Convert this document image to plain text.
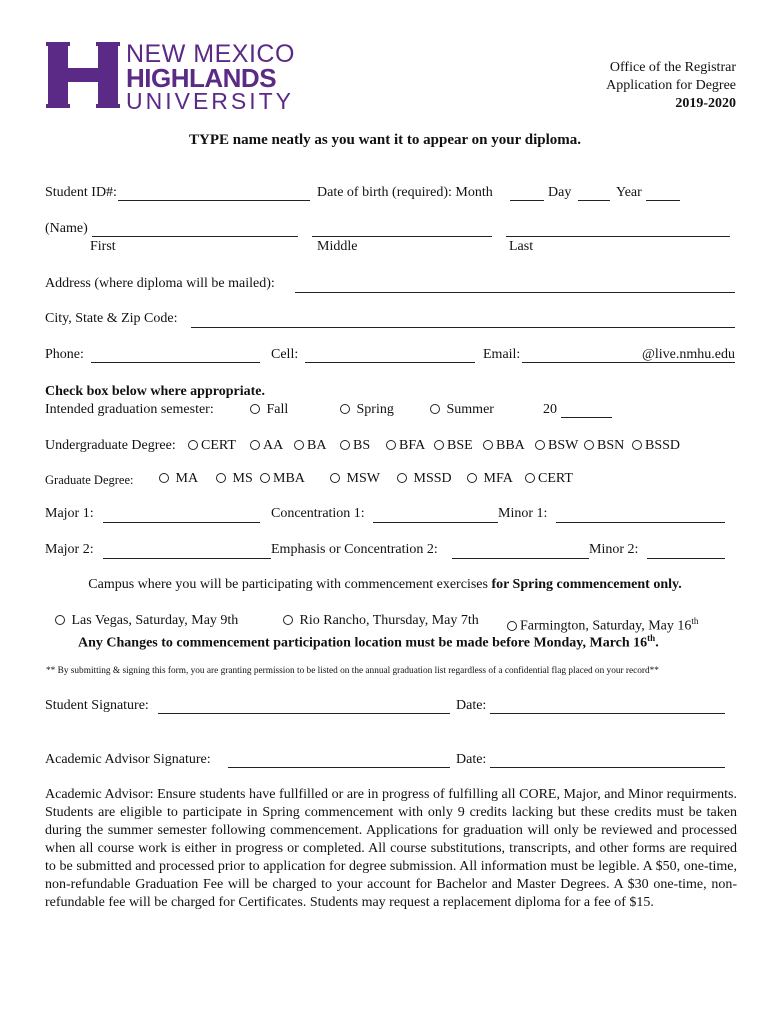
NEW MEXICO
HIGHLANDS
UNIVERSITY
Office of the Registrar
Application for Degree
2019-2020
TYPE name neatly as you want it to appear on your diploma.
Student ID#:	Date of birth (required): Month	Day	Year
(Name)
First	Middle	Last
Address (where diploma will be mailed):
City, State & Zip Code:
Phone:	Cell:	Email:	@live.nmhu.edu
Check box below where appropriate.
Intended graduation semester:	Fall	Spring	Summer	20
Undergraduate Degree:	CERT	AA	BA	BS	BFA	BSE	BBA	BSW	BSN	BSSD
Graduate Degree:	MA	MS	MBA	MSW	MSSD	MFA	CERT
Major 1:	Concentration 1:	Minor 1:
Major 2:	Emphasis or Concentration 2:	Minor 2:
Campus where you will be participating with commencement exercises for Spring commencement only.
Las Vegas, Saturday, May 9th	Rio Rancho, Thursday, May 7th	Farmington, Saturday, May 16th
Any Changes to commencement participation location must be made before Monday, March 16th.
** By submitting & signing this form, you are granting permission to be listed on the annual graduation list regardless of a confidential flag placed on your record**
Student Signature:	Date:
Academic Advisor Signature:	Date:
Academic Advisor: Ensure students have fullfilled or are in progress of fulfilling all CORE, Major, and Minor requirments. Students are eligible to participate in Spring commencement with only 9 credits lacking but these credits must be taken during the summer semester following commencement. Applications for graduation will only be reviewed and processed when all course work is either in progress or completed. All course substitutions, transcripts, and other forms are required to be submitted and processed prior to application for degree submission. All information must be legible. A $50, one-time, non-refundable Graduation Fee will be charged to your account for Bachelor and Master Degrees. A $30 one-time, non-refundable fee will be charged for Certificates. Students may request a replacement diploma for a fee of $15.
